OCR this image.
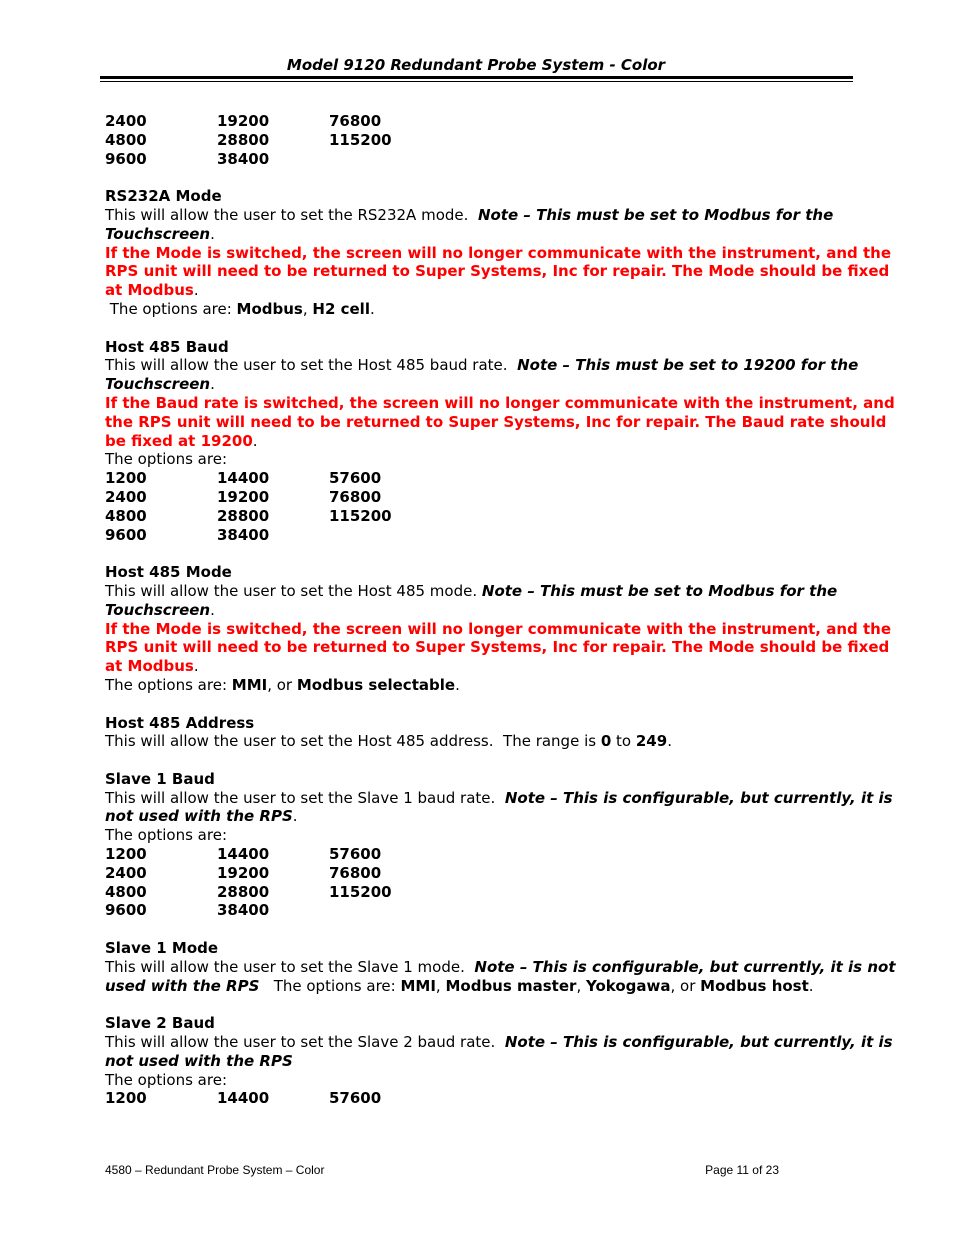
Model 9120 Redundant Probe System - Color
2400	19200	76800
4800	28800	115200
9600	38400
RS232A Mode
This will allow the user to set the RS232A mode. Note – This must be set to Modbus for the
Touchscreen.
If the Mode is switched, the screen will no longer communicate with the instrument, and the
RPS unit will need to be returned to Super Systems, Inc for repair. The Mode should be fixed
at Modbus.
The options are: Modbus, H2 cell.
Host 485 Baud
This will allow the user to set the Host 485 baud rate. Note – This must be set to 19200 for the
Touchscreen.
If the Baud rate is switched, the screen will no longer communicate with the instrument, and
the RPS unit will need to be returned to Super Systems, Inc for repair. The Baud rate should
be fixed at 19200.
The options are:
1200	14400	57600
2400	19200	76800
4800	28800	115200
9600	38400
Host 485 Mode
This will allow the user to set the Host 485 mode. Note – This must be set to Modbus for the
Touchscreen.
If the Mode is switched, the screen will no longer communicate with the instrument, and the
RPS unit will need to be returned to Super Systems, Inc for repair. The Mode should be fixed
at Modbus.
The options are: MMI, or Modbus selectable.
Host 485 Address
This will allow the user to set the Host 485 address.  The range is 0 to 249.
Slave 1 Baud
This will allow the user to set the Slave 1 baud rate. Note – This is configurable, but currently, it is
not used with the RPS.
The options are:
1200	14400	57600
2400	19200	76800
4800	28800	115200
9600	38400
Slave 1 Mode
This will allow the user to set the Slave 1 mode. Note – This is configurable, but currently, it is not
used with the RPS   The options are: MMI, Modbus master, Yokogawa, or Modbus host.
Slave 2 Baud
This will allow the user to set the Slave 2 baud rate. Note – This is configurable, but currently, it is
not used with the RPS
The options are:
1200	14400	57600
4580 – Redundant Probe System – Color	Page 11 of 23
